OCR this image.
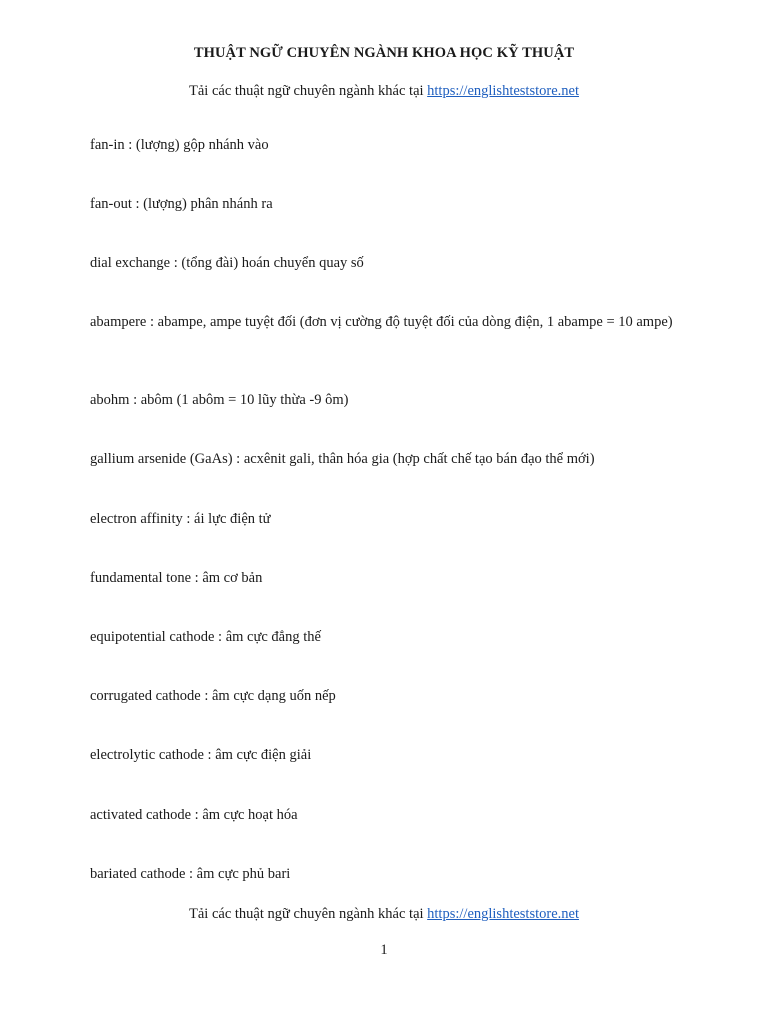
THUẬT NGỮ CHUYÊN NGÀNH KHOA HỌC KỸ THUẬT
Tải các thuật ngữ chuyên ngành khác tại https://englishteststore.net
fan-in : (lượng) gộp nhánh vào
fan-out : (lượng) phân nhánh ra
dial exchange : (tổng đài) hoán chuyển quay số
abampere : abampe, ampe tuyệt đối (đơn vị cường độ tuyệt đối của dòng điện, 1 abampe = 10 ampe)
abohm : abôm (1 abôm = 10 lũy thừa -9 ôm)
gallium arsenide (GaAs) : acxênit gali, thân hóa gia (hợp chất chế tạo bán đạo thể mới)
electron affinity : ái lực điện tử
fundamental tone : âm cơ bản
equipotential cathode : âm cực đẳng thế
corrugated cathode : âm cực dạng uốn nếp
electrolytic cathode : âm cực điện giải
activated cathode : âm cực hoạt hóa
bariated cathode : âm cực phủ bari
Tải các thuật ngữ chuyên ngành khác tại https://englishteststore.net
1
